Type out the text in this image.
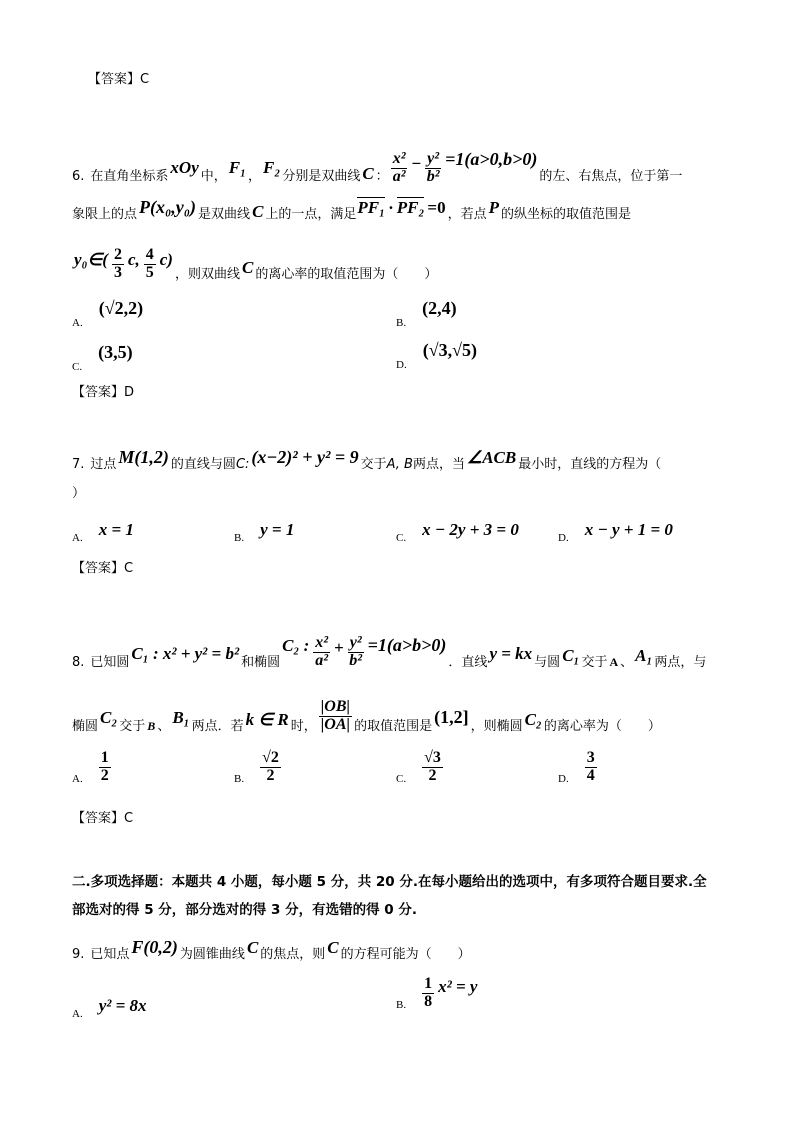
【答案】C
6. 在直角坐标系 xOy 中， F₁ ， F₂ 分别是双曲线 C ： $\frac{\text{x²}}{\text{a²}} - \frac{\text{y²}}{\text{b²}} =1(a>0,b>0)$
的左、右焦点，位于第一
象限上的点 P(x₀,y₀) 是双曲线 C 上的一点，满足 PF₁ · PF₂ =0 ，若点 P 的纵坐标的取值范围是
y₀∈( $\frac{2}{3} c$, $\frac{4}{5} c$)
，则双曲线 C 的离心率的取值范围为（　　）
A.
(√2,2)
B.
(2,4)
C.
(3,5)
D.
(√3,√5)
【答案】D
7. 过点 M(1,2) 的直线与圆 C: (x−2)² + y² = 9 交于 A, B 两点，当 ∠ACB 最小时，直线的方程为（
）
A. x = 1	B. y = 1	C. x − 2y + 3 = 0	D. x − y + 1 = 0
【答案】C
8. 已知圆 C₁ : x² + y² = b² 和椭圆
C₂ : $\frac{\text{x²}}{\text{a²}} + \frac{\text{y²}}{\text{b²}} =1(a>b>0)$
．直线 y = kx 与圆 C₁ 交于 A 、 A₁ 两点，与
椭圆 C₂ 交于 B 、 B₁ 两点．若 k ∈ R 时， $\frac{|OB|}{|OA|}$ 的取值范围是 (1,2] ，则椭圆 C₂ 的离心率为（　　）
A. $\frac{1}{2}$	B. $\frac{√2}{2}$	C. $\frac{√3}{2}$	D. $\frac{3}{4}$
【答案】C
二.多项选择题：本题共 4 小题，每小题 5 分，共 20 分.在每小题给出的选项中，有多项符合题目要求.全
部选对的得 5 分，部分选对的得 3 分，有选错的得 0 分.
9. 已知点 F(0,2) 为圆锥曲线 C 的焦点，则 C 的方程可能为（　　）
A. y² = 8x	B. $\frac{1}{8} x^2 = y$
